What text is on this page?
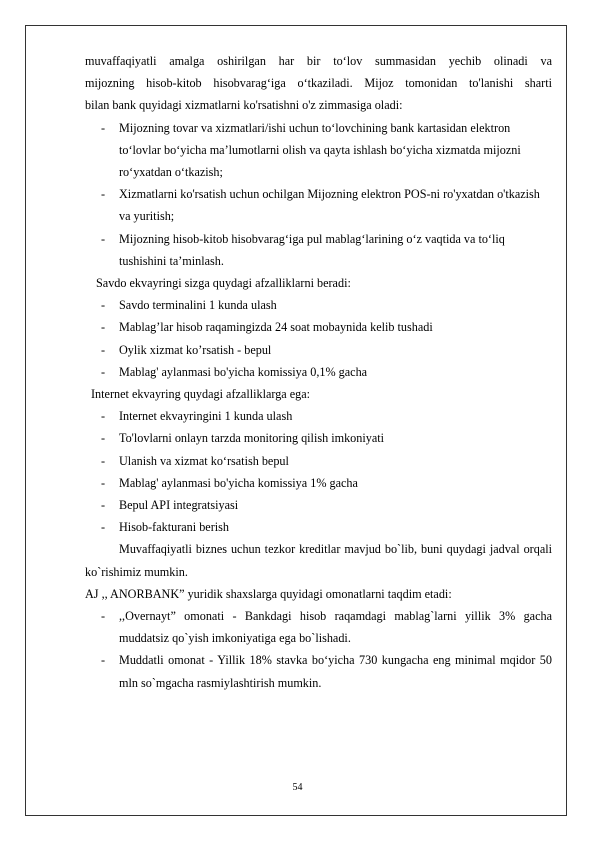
muvaffaqiyatli amalga oshirilgan har bir to‘lov summasidan yechib olinadi va

mijozning hisob-kitob hisobvarag‘iga o‘tkaziladi. Mijoz tomonidan to'lanishi sharti

bilan bank quyidagi xizmatlarni ko'rsatishni o'z zimmasiga oladi:

- Mijozning tovar va xizmatlari/ishi uchun to‘lovchining bank kartasidan elektron to‘lovlar bo‘yicha ma’lumotlarni olish va qayta ishlash bo‘yicha xizmatda mijozni ro‘yxatdan o‘tkazish;
- Xizmatlarni ko'rsatish uchun ochilgan Mijozning elektron POS-ni ro'yxatdan o'tkazish va yuritish;
- Mijozning hisob-kitob hisobvarag‘iga pul mablag‘larining o‘z vaqtida va to‘liq tushishini ta’minlash.

Savdo ekvayringi sizga quydagi afzalliklarni beradi:

- Savdo terminalini 1 kunda ulash
- Mablag’lar hisob raqamingizda 24 soat mobaynida kelib tushadi
- Oylik xizmat ko’rsatish - bepul
- Mablag' aylanmasi bo'yicha komissiya 0,1% gacha

Internet ekvayring quydagi afzalliklarga ega:

- Internet ekvayringini 1 kunda ulash
- To'lovlarni onlayn tarzda monitoring qilish imkoniyati
- Ulanish va xizmat ko‘rsatish bepul
- Mablag' aylanmasi bo'yicha komissiya 1% gacha
- Bepul API integratsiyasi
- Hisob-fakturani berish

Muvaffaqiyatli biznes uchun tezkor kreditlar mavjud bo`lib, buni quydagi jadval orqali ko`rishimiz mumkin.

AJ ,, ANORBANK” yuridik shaxslarga quyidagi omonatlarni taqdim etadi:

- ,,Overnayt” omonati - Bankdagi hisob raqamdagi mablag`larni yillik 3% gacha muddatsiz qo`yish imkoniyatiga ega bo`lishadi.
- Muddatli omonat - Yillik 18% stavka bo‘yicha 730 kungacha eng minimal mqidor 50 mln so`mgacha rasmiylashtirish mumkin.
54
